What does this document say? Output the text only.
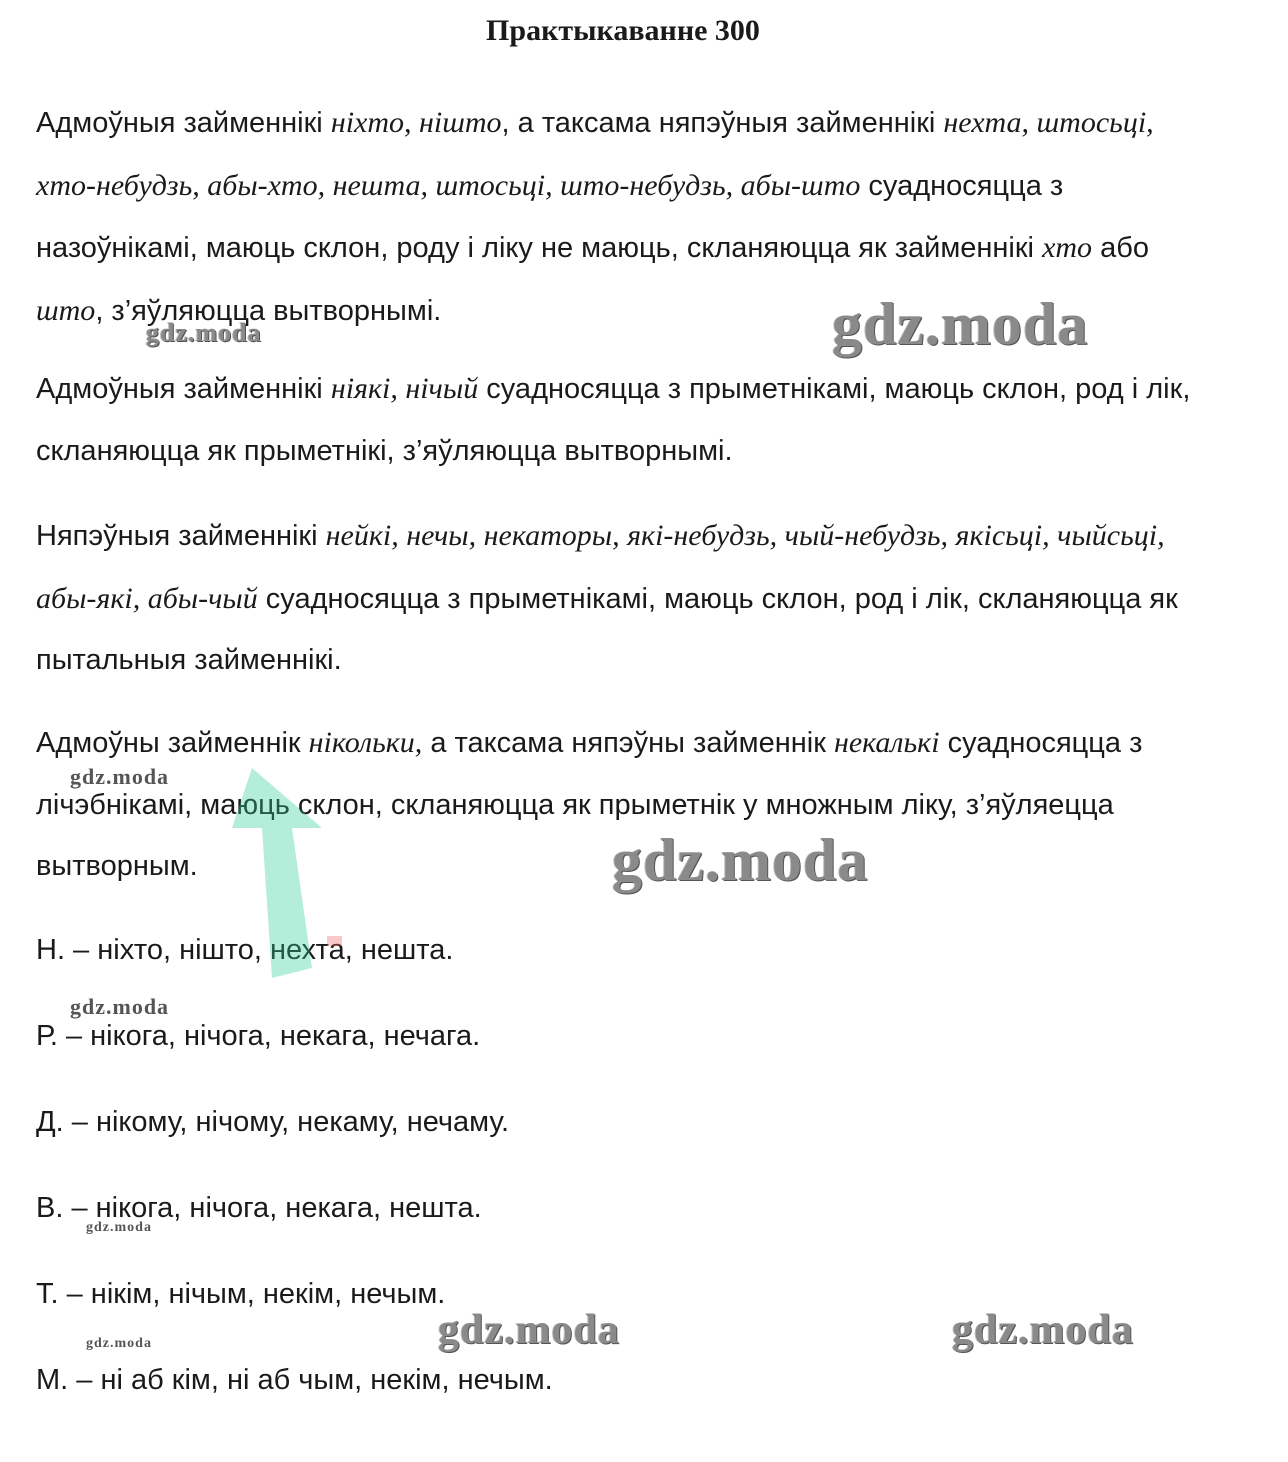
Практыкаванне 300

Адмоўныя займеннікі ніхто, нішто, а таксама няпэўныя займеннікі нехта, штосьці, хто-небудзь, абы-хто, нешта, штосьці, што-небудзь, абы-што суадносяцца з назоўнікамі, маюць склон, роду і ліку не маюць, скланяюцца як займеннікі хто або што, з’яўляюцца вытворнымі.

Адмоўныя займеннікі ніякі, нічый суадносяцца з прыметнікамі, маюць склон, род і лік, скланяюцца як прыметнікі, з’яўляюцца вытворнымі.

Няпэўныя займеннікі нейкі, нечы, некаторы, які-небудзь, чый-небудзь, якісьці, чыйсьці, абы-які, абы-чый суадносяцца з прыметнікамі, маюць склон, род і лік, скланяюцца як пытальныя займеннікі.

Адмоўны займеннік нікольки, а таксама няпэўны займеннік некалькі суадносяцца з лічэбнікамі, маюць склон, скланяюцца як прыметнік у множным ліку, з’яўляецца вытворным.

Н. – ніхто, нішто, нехта, нешта.

Р. – нікога, нічога, некага, нечага.

Д. – нікому, нічому, некаму, нечаму.

В. – нікога, нічога, некага, нешта.

Т. – нікім, нічым, некім, нечым.

М. – ні аб кім, ні аб чым, некім, нечым.

gdz.moda	gdz.moda
gdz.moda
gdz.moda
gdz.moda
gdz.moda
gdz.moda	gdz.moda	gdz.moda
